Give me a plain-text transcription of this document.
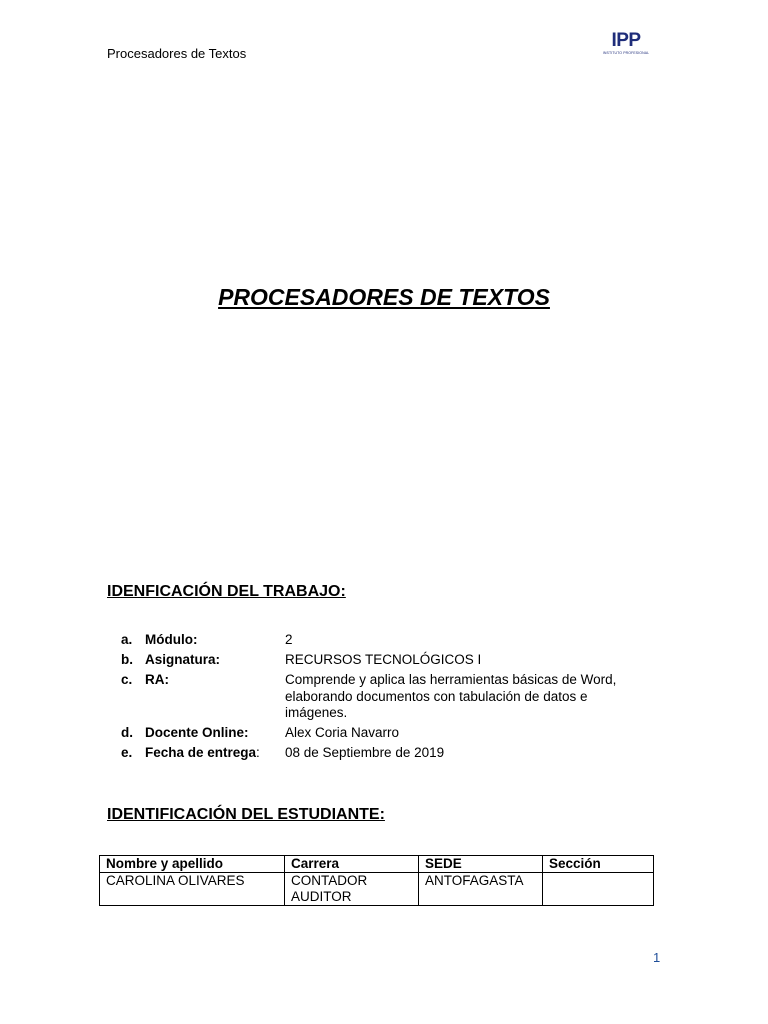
Procesadores de Textos
IPP
INSTITUTO PROFESIONAL
PROCESADORES DE TEXTOS
IDENFICACIÓN DEL TRABAJO:
a. Módulo:	2
b. Asignatura:	RECURSOS TECNOLÓGICOS I
c. RA:	Comprende y aplica las herramientas básicas de Word, elaborando documentos con tabulación de datos e imágenes.
d. Docente Online:	Alex Coria Navarro
e. Fecha de entrega:	08 de Septiembre de 2019
IDENTIFICACIÓN DEL ESTUDIANTE:
Nombre y apellido	Carrera	SEDE	Sección
CAROLINA OLIVARES	CONTADOR AUDITOR	ANTOFAGASTA	
1
